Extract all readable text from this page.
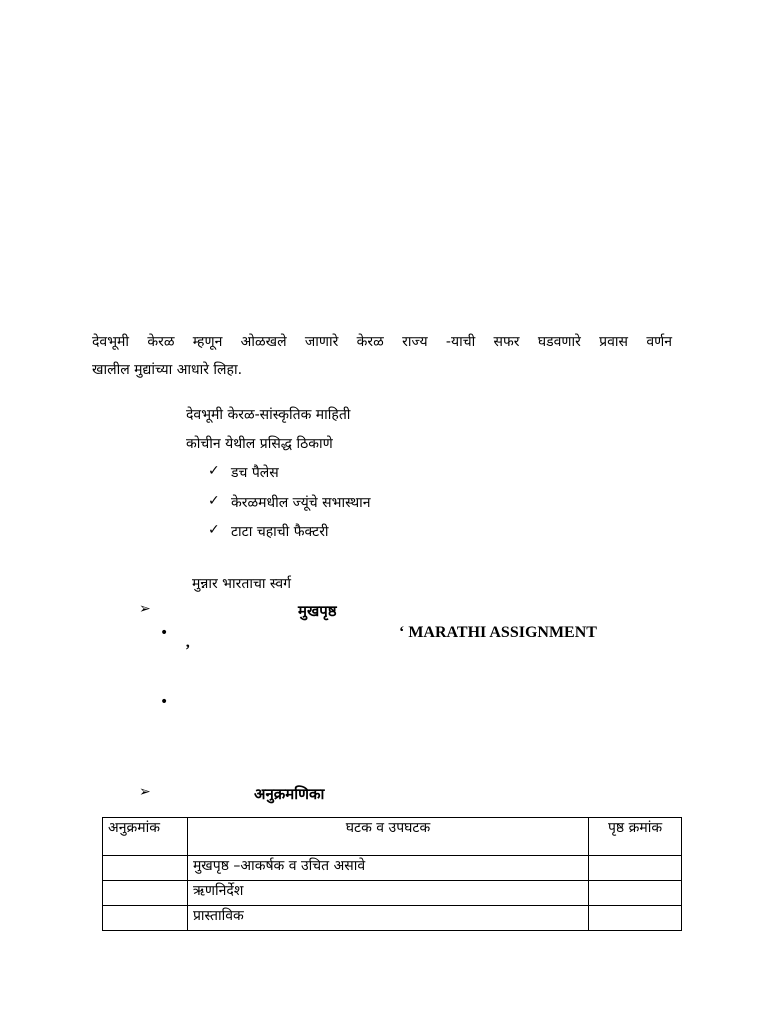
देवभूमी केरळ म्हणून ओळखले जाणारे केरळ राज्य -याची सफर घडवणारे प्रवास वर्णन
खालील मुद्यांच्या आधारे लिहा.
देवभूमी केरळ-सांस्कृतिक माहिती
कोचीन येथील प्रसिद्ध ठिकाणे
✓ डच पैलेस
✓ केरळमधील ज्यूंचे सभास्थान
✓ टाटा चहाची फैक्टरी
मुन्नार भारताचा स्वर्ग
➢	मुखपृष्ठ
•	‘ MARATHI ASSIGNMENT
’
•
➢	अनुक्रमणिका
अनुक्रमांक	घटक व उपघटक	पृष्ठ क्रमांक
	मुखपृष्ठ –आकर्षक व उचित असावे	
	ऋणनिर्देश	
	प्रास्ताविक	
